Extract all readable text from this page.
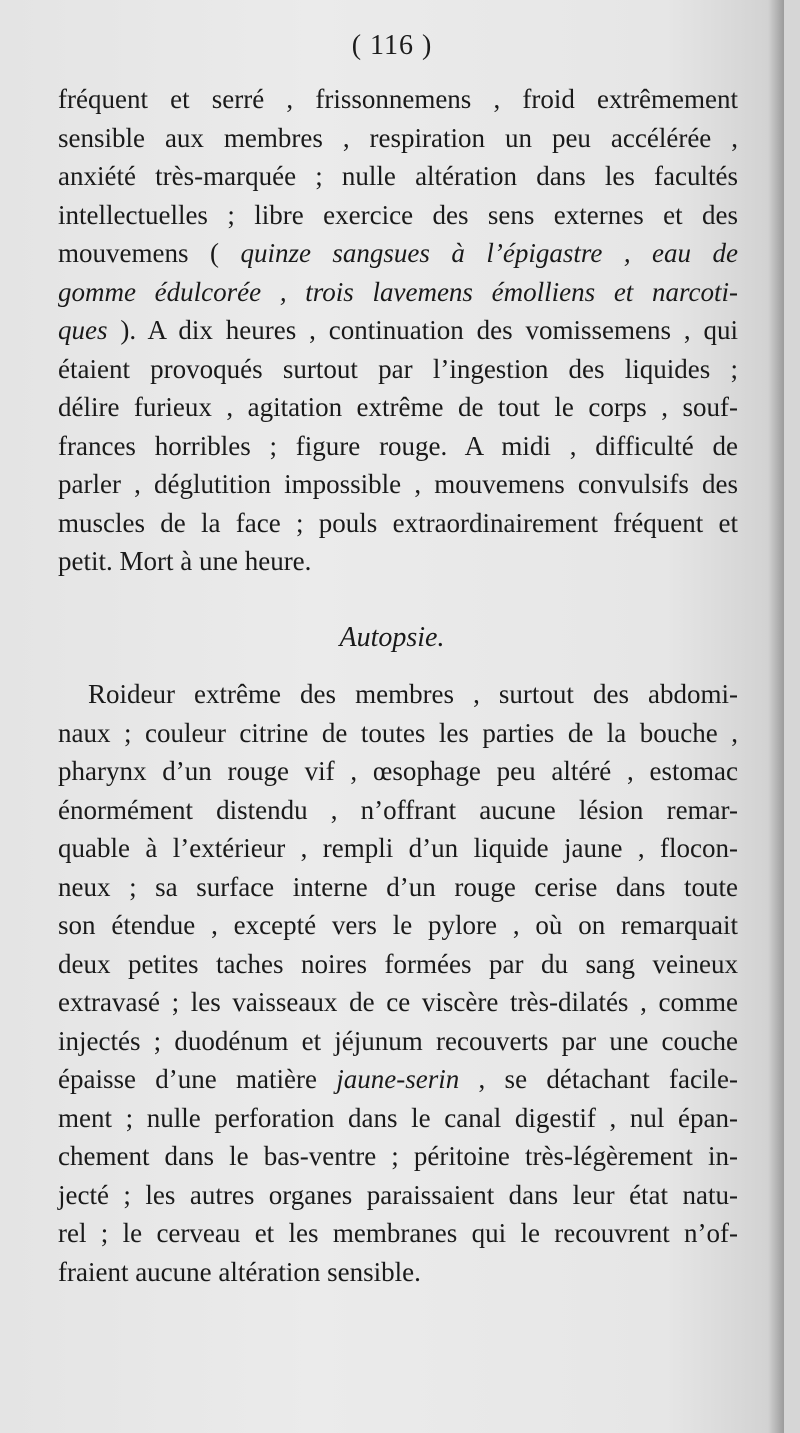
( 116 )
fréquent et serré , frissonnemens , froid extrêmement
sensible aux membres , respiration un peu accélérée ,
anxiété très-marquée ; nulle altération dans les facultés
intellectuelles ; libre exercice des sens externes et des
mouvemens ( quinze sangsues à l’épigastre , eau de
gomme édulcorée , trois lavemens émolliens et narcoti-
ques ). A dix heures , continuation des vomissemens , qui
étaient provoqués surtout par l’ingestion des liquides ;
délire furieux , agitation extrême de tout le corps , souf-
frances horribles ; figure rouge. A midi , difficulté de
parler , déglutition impossible , mouvemens convulsifs des
muscles de la face ; pouls extraordinairement fréquent et
petit. Mort à une heure.
Autopsie.
Roideur extrême des membres , surtout des abdomi-
naux ; couleur citrine de toutes les parties de la bouche ,
pharynx d’un rouge vif , œsophage peu altéré , estomac
énormément distendu , n’offrant aucune lésion remar-
quable à l’extérieur , rempli d’un liquide jaune , flocon-
neux ; sa surface interne d’un rouge cerise dans toute
son étendue , excepté vers le pylore , où on remarquait
deux petites taches noires formées par du sang veineux
extravasé ; les vaisseaux de ce viscère très-dilatés , comme
injectés ; duodénum et jéjunum recouverts par une couche
épaisse d’une matière jaune-serin , se détachant facile-
ment ; nulle perforation dans le canal digestif , nul épan-
chement dans le bas-ventre ; péritoine très-légèrement in-
jecté ; les autres organes paraissaient dans leur état natu-
rel ; le cerveau et les membranes qui le recouvrent n’of-
fraient aucune altération sensible.
